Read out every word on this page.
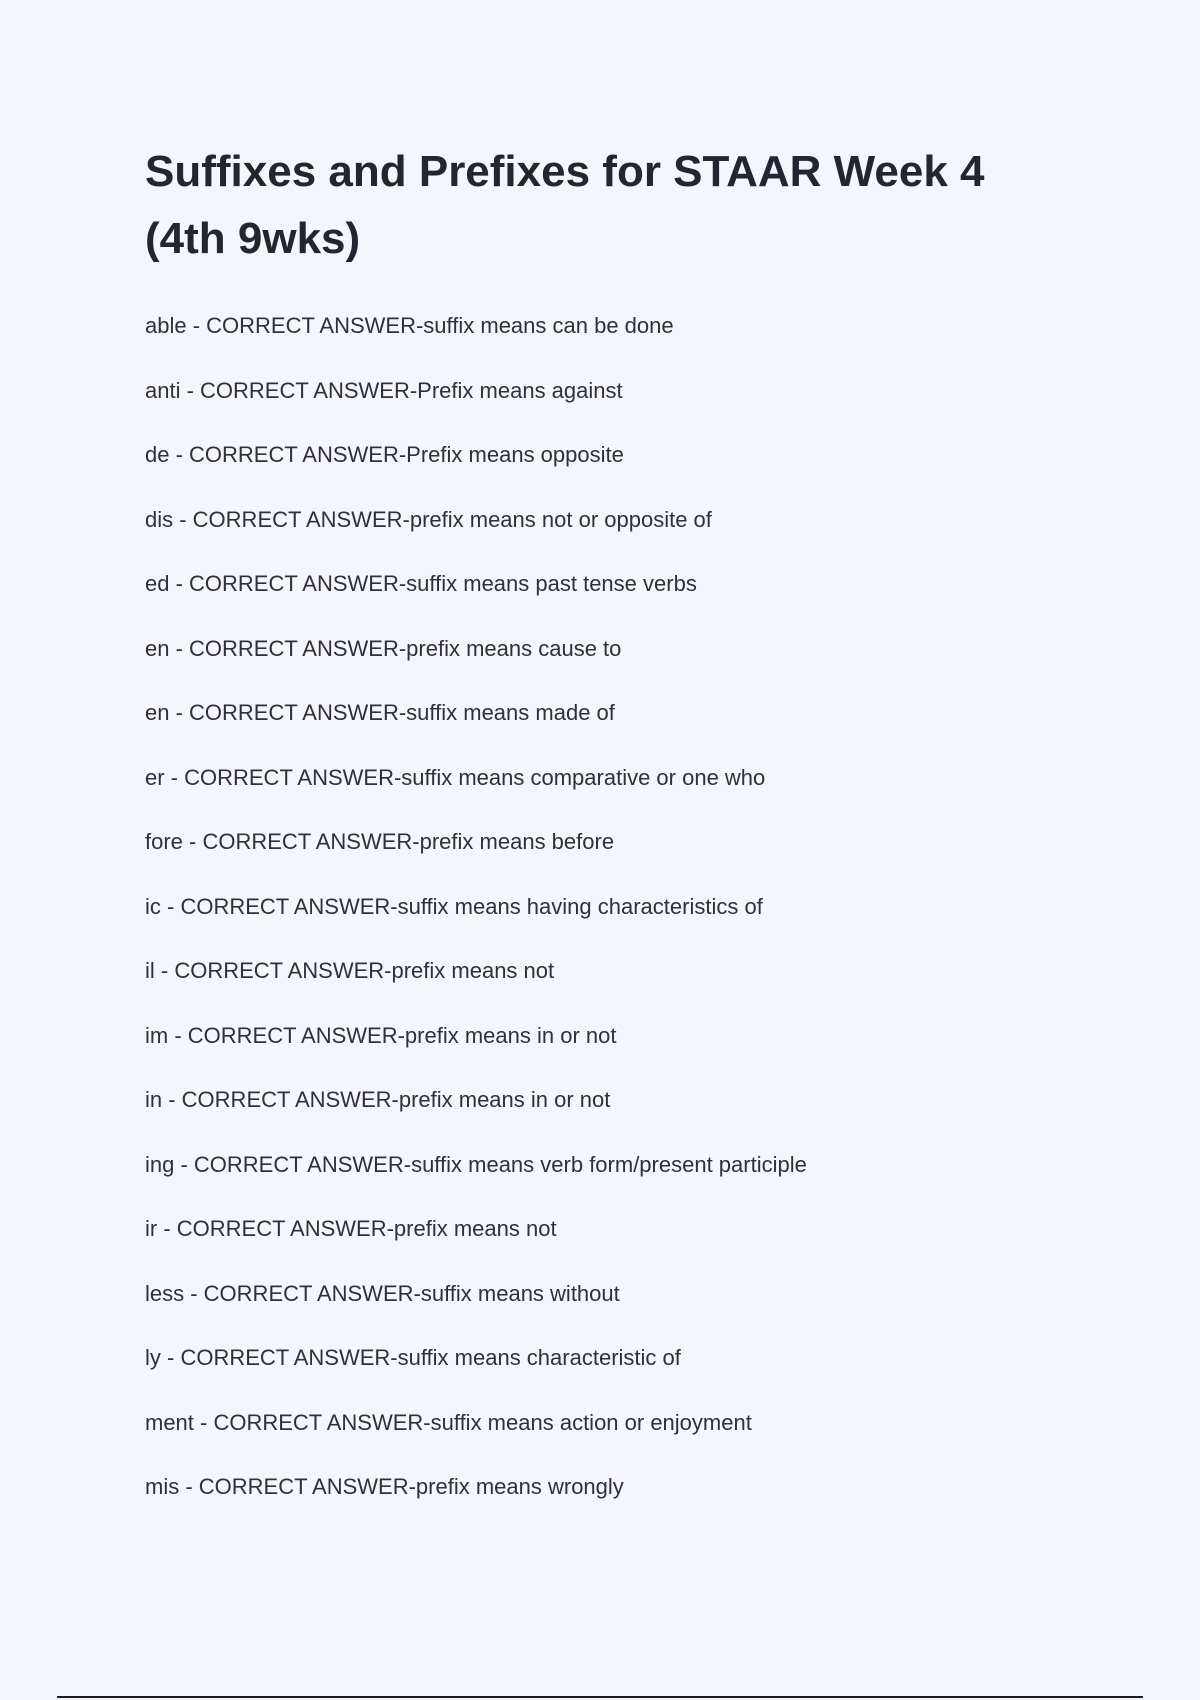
Suffixes and Prefixes for STAAR Week 4 (4th 9wks)
able - CORRECT ANSWER-suffix means can be done
anti - CORRECT ANSWER-Prefix means against
de - CORRECT ANSWER-Prefix means opposite
dis - CORRECT ANSWER-prefix means not or opposite of
ed - CORRECT ANSWER-suffix means past tense verbs
en - CORRECT ANSWER-prefix means cause to
en - CORRECT ANSWER-suffix means made of
er - CORRECT ANSWER-suffix means comparative or one who
fore - CORRECT ANSWER-prefix means before
ic - CORRECT ANSWER-suffix means having characteristics of
il - CORRECT ANSWER-prefix means not
im - CORRECT ANSWER-prefix means in or not
in - CORRECT ANSWER-prefix means in or not
ing - CORRECT ANSWER-suffix means verb form/present participle
ir - CORRECT ANSWER-prefix means not
less - CORRECT ANSWER-suffix means without
ly - CORRECT ANSWER-suffix means characteristic of
ment - CORRECT ANSWER-suffix means action or enjoyment
mis - CORRECT ANSWER-prefix means wrongly
